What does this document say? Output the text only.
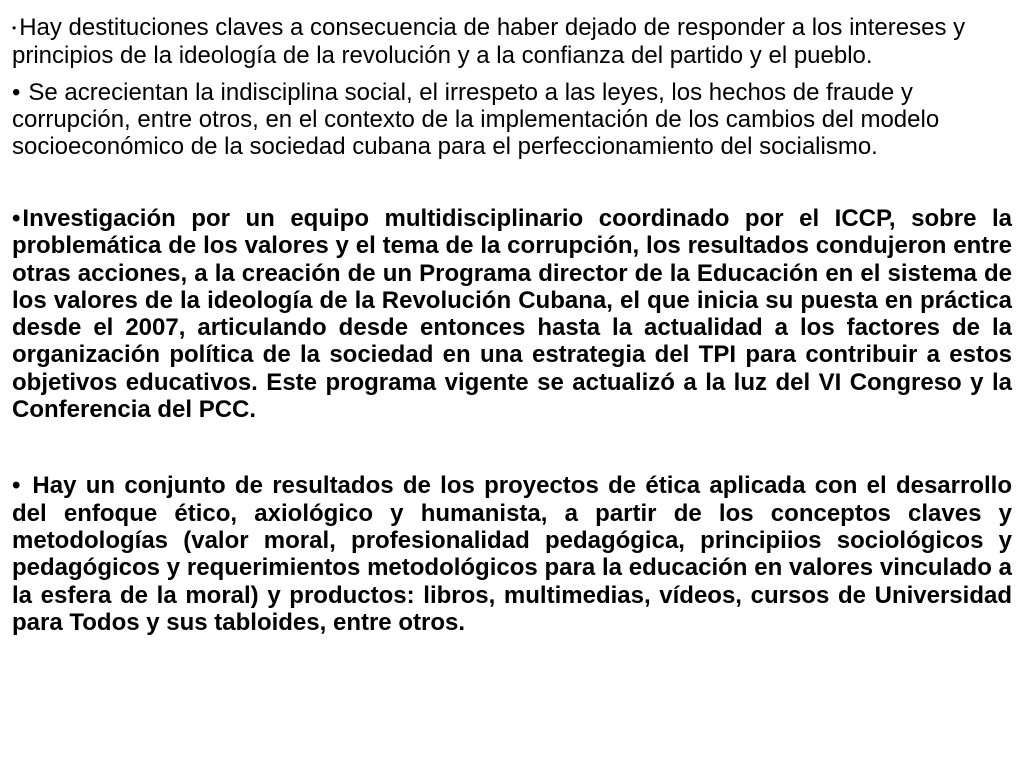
• Hay destituciones claves a consecuencia de haber dejado de responder a los intereses y principios de la ideología de la revolución y a la confianza del partido y el pueblo.

• Se acrecientan la indisciplina social, el irrespeto a las leyes, los hechos de fraude y corrupción, entre otros, en el contexto de la implementación de los cambios del modelo socioeconómico de la sociedad cubana para el perfeccionamiento del socialismo.

•Investigación por un equipo multidisciplinario coordinado por el ICCP, sobre la problemática de los valores y el tema de la corrupción, los resultados condujeron entre otras acciones, a la creación de un Programa director de la Educación en el sistema de los valores de la ideología de la Revolución Cubana, el que inicia su puesta en práctica desde el 2007, articulando desde entonces hasta la actualidad a los factores de la organización política de la sociedad en una estrategia del TPI para contribuir a estos objetivos educativos. Este programa vigente se actualizó a la luz del VI Congreso y la Conferencia del PCC.

• Hay un conjunto de resultados de los proyectos de ética aplicada con el desarrollo del enfoque ético, axiológico y humanista, a partir de los conceptos claves y metodologías (valor moral, profesionalidad pedagógica, principiios sociológicos y pedagógicos y requerimientos metodológicos para la educación en valores vinculado a la esfera de la moral) y productos: libros, multimedias, vídeos, cursos de Universidad para Todos y sus tabloides, entre otros.
